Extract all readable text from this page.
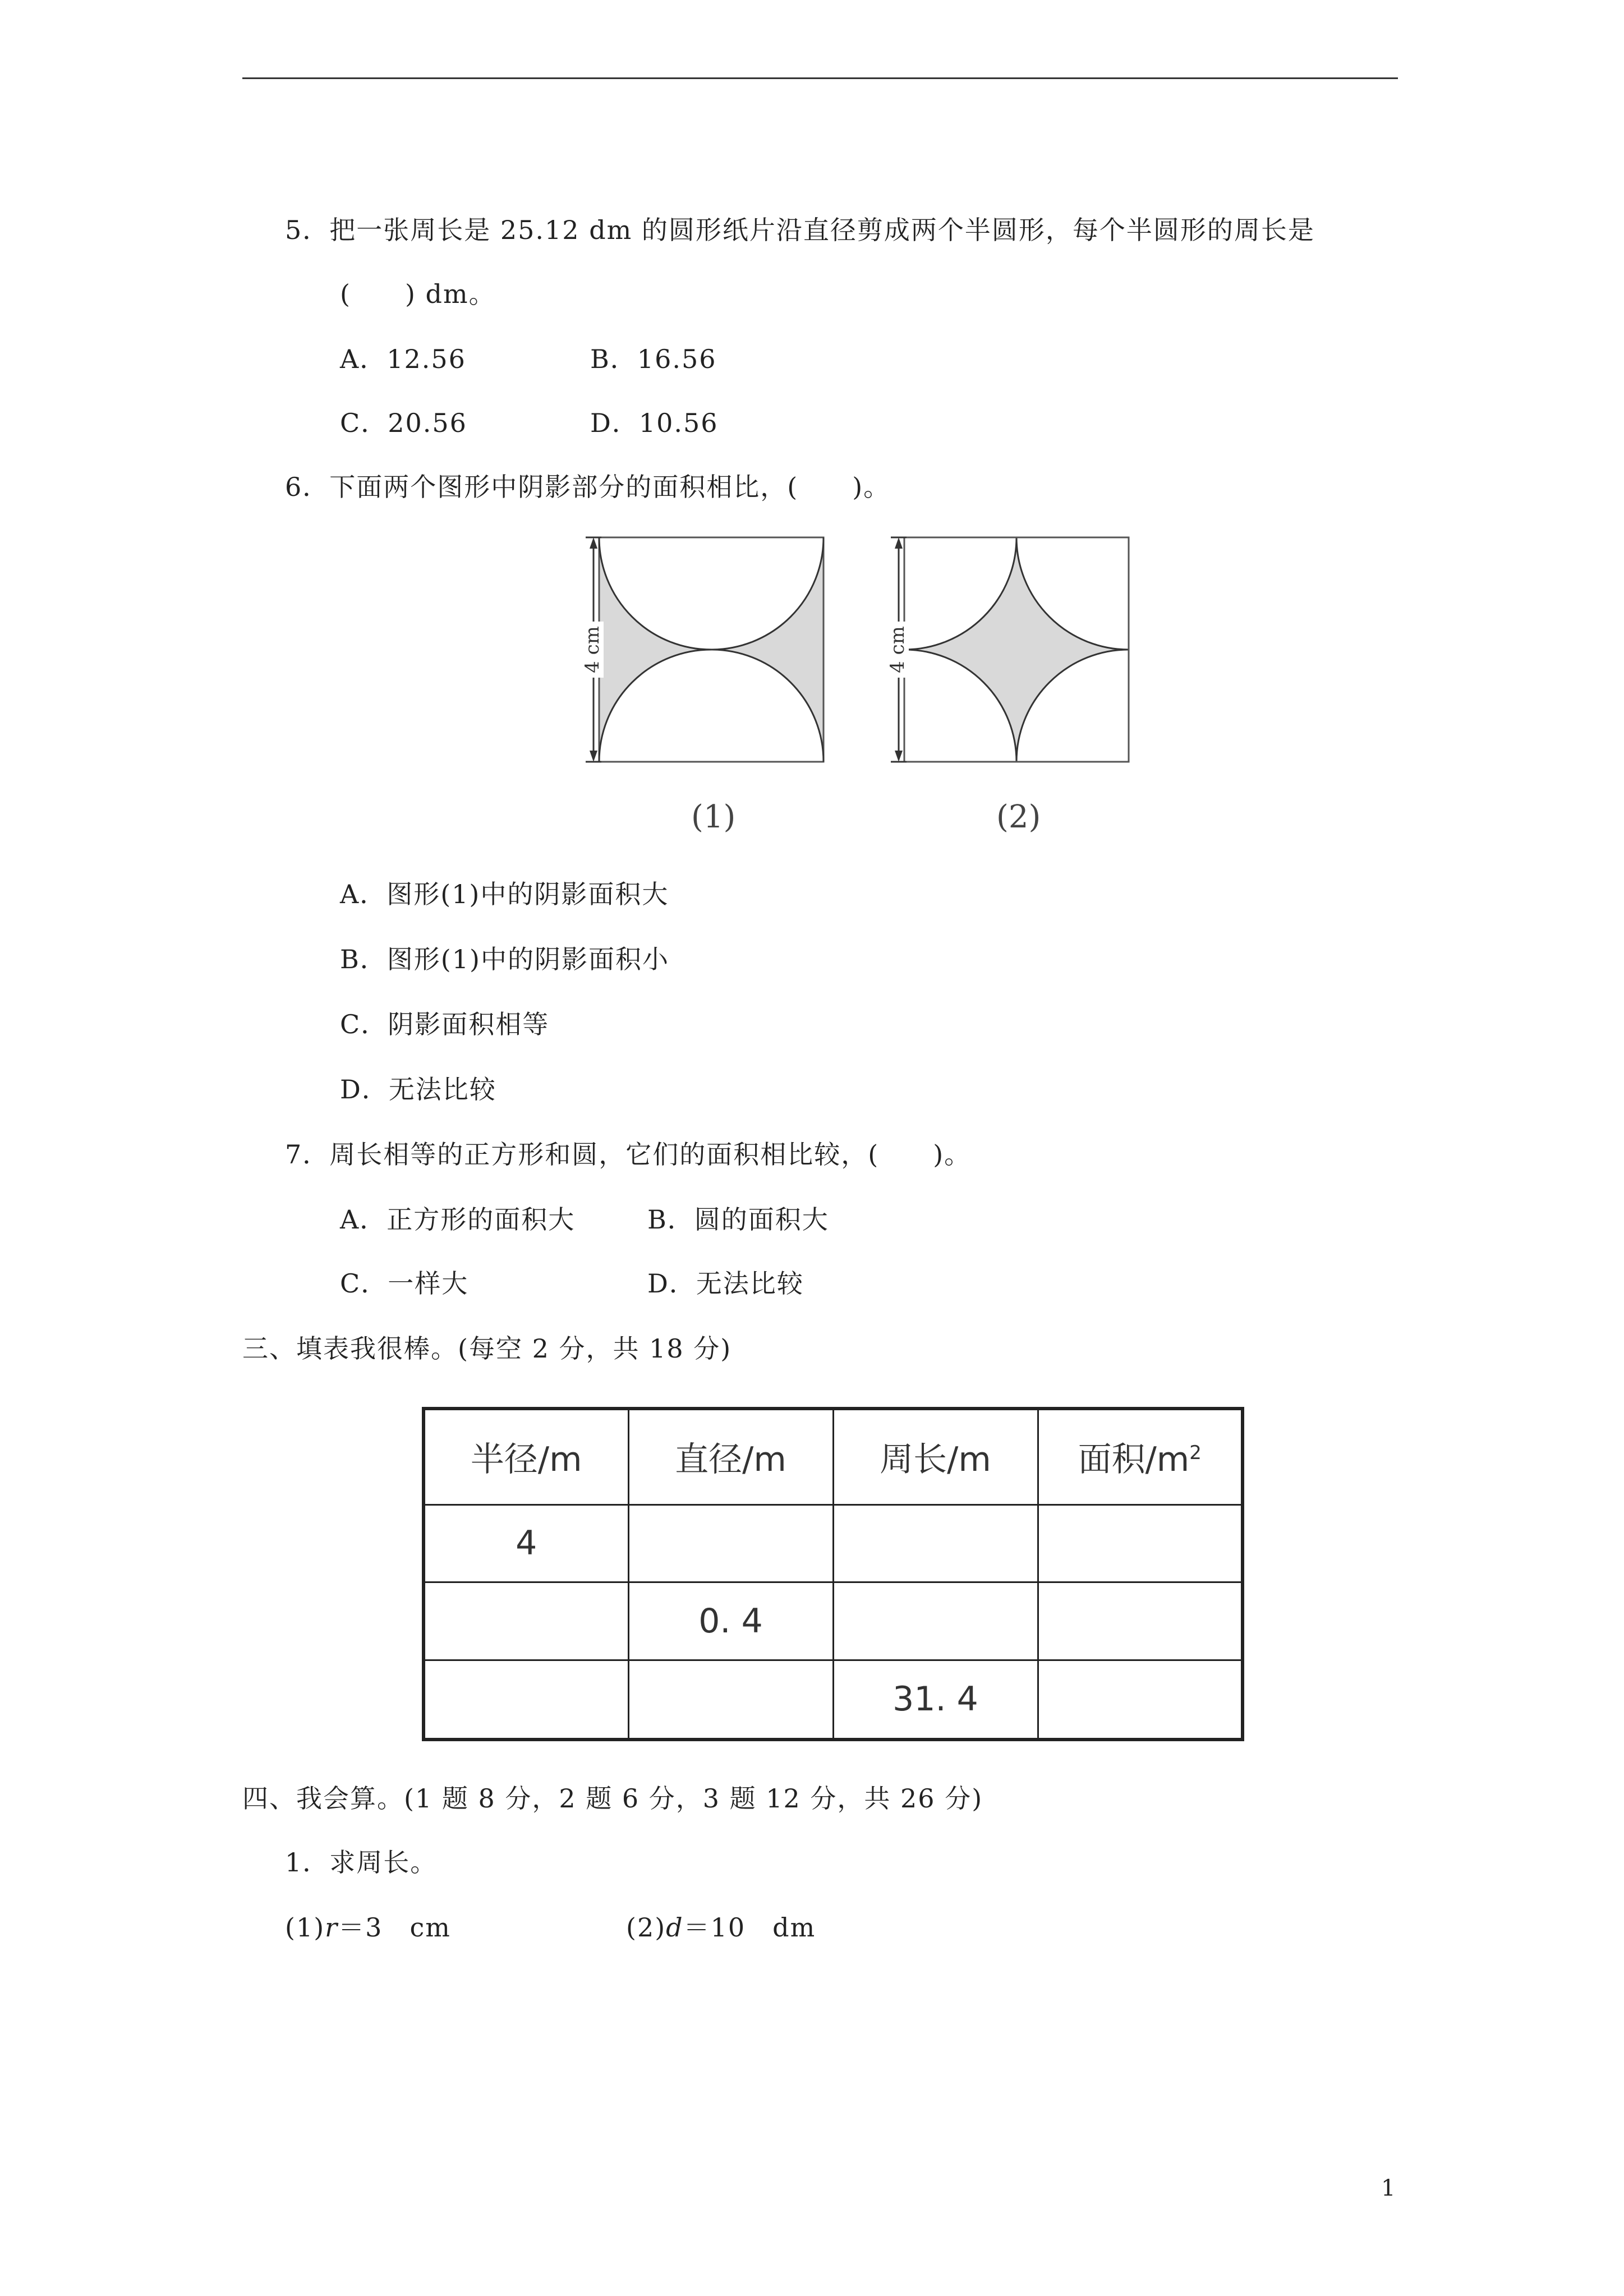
5．把一张周长是 25.12 dm 的圆形纸片沿直径剪成两个半圆形，每个半圆形的周长是
(　　) dm。
A．12.56	B．16.56
C．20.56	D．10.56
6．下面两个图形中阴影部分的面积相比，(　　)。
4 cm	4 cm
(1)	(2)
A．图形(1)中的阴影面积大
B．图形(1)中的阴影面积小
C．阴影面积相等
D．无法比较
7．周长相等的正方形和圆，它们的面积相比较，(　　)。
A．正方形的面积大	B．圆的面积大
C．一样大	D．无法比较
三、填表我很棒。(每空 2 分，共 18 分)
半径/m	直径/m	周长/m	面积$/m^2$
4			
	0. 4		
		31. 4	
四、我会算。(1 题 8 分，2 题 6 分，3 题 12 分，共 26 分)
1．求周长。
(1)r＝3　cm	(2)d＝10　dm
1
